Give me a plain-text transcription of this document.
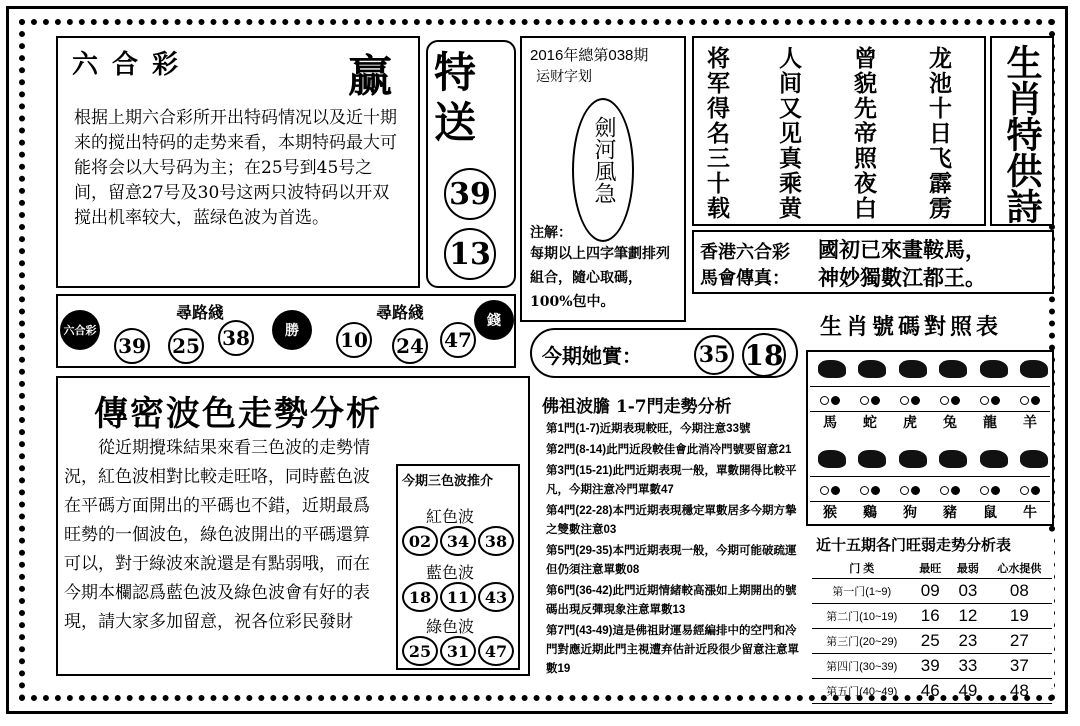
六合彩	赢
根据上期六合彩所开出特码情况以及近十期来的搅出特码的走势来看，本期特码最大可能将会以大号码为主；在25号到45号之间，留意27号及30号这两只波特码以开双搅出机率较大，蓝绿色波为首选。
特
送
39
13
2016年總第038期
运财字划
劍河風急
注解：
每期以上四字筆劃排列組合，隨心取碼，100%包中。
龙池十日飞霹雳
曾貌先帝照夜白
人间又见真乘黄
将军得名三十载	生肖特供詩
香港六合彩
馬會傳真：
國初已來畫鞍馬，
神妙獨數江都王。
六合彩
尋路綫
39 25 38	勝
尋路綫
10 24 47
錢
今期她實：	35 18
生肖號碼對照表
馬 蛇 虎 兔 龍 羊
猴 鷄 狗 豬 鼠 牛
傳密波色走勢分析
從近期攪珠結果來看三色波的走勢情況，紅色波相對比較走旺咯，同時藍色波在平碼方面開出的平碼也不錯，近期最爲旺勢的一個波色，綠色波開出的平碼還算可以，對于綠波來說還是有點弱哦，而在今期本欄認爲藍色波及綠色波會有好的表現，請大家多加留意，祝各位彩民發財
今期三色波推介
紅色波
02 34 38
藍色波
18 11 43
綠色波
25 31 47
佛祖波膽 1-7門走勢分析
第1門(1-7)近期表現較旺，今期注意33號
第2門(8-14)此門近段較佳會此消冷門號要留意21
第3門(15-21)此門近期表現一般，單數開得比較平凡，今期注意冷門單數47
第4門(22-28)本門近期表現穩定單數居多今期方摯之雙數注意03
第5門(29-35)本門近期表現一般，今期可能破疏運但仍須注意單數08
第6門(36-42)此門近期情緒較高漲如上期開出的號碼出現反彈現象注意單數13
第7門(43-49)這是佛祖財運易經編排中的空門和冷門對應近期此門主視遭弃估計近段很少留意注意單數19
近十五期各门旺弱走势分析表
门 类	最旺	最弱	心水提供
第一门(1~9)	09	03	08
第二门(10~19)	16	12	19
第三门(20~29)	25	23	27
第四门(30~39)	39	33	37
第五门(40~49)	46	49	48
